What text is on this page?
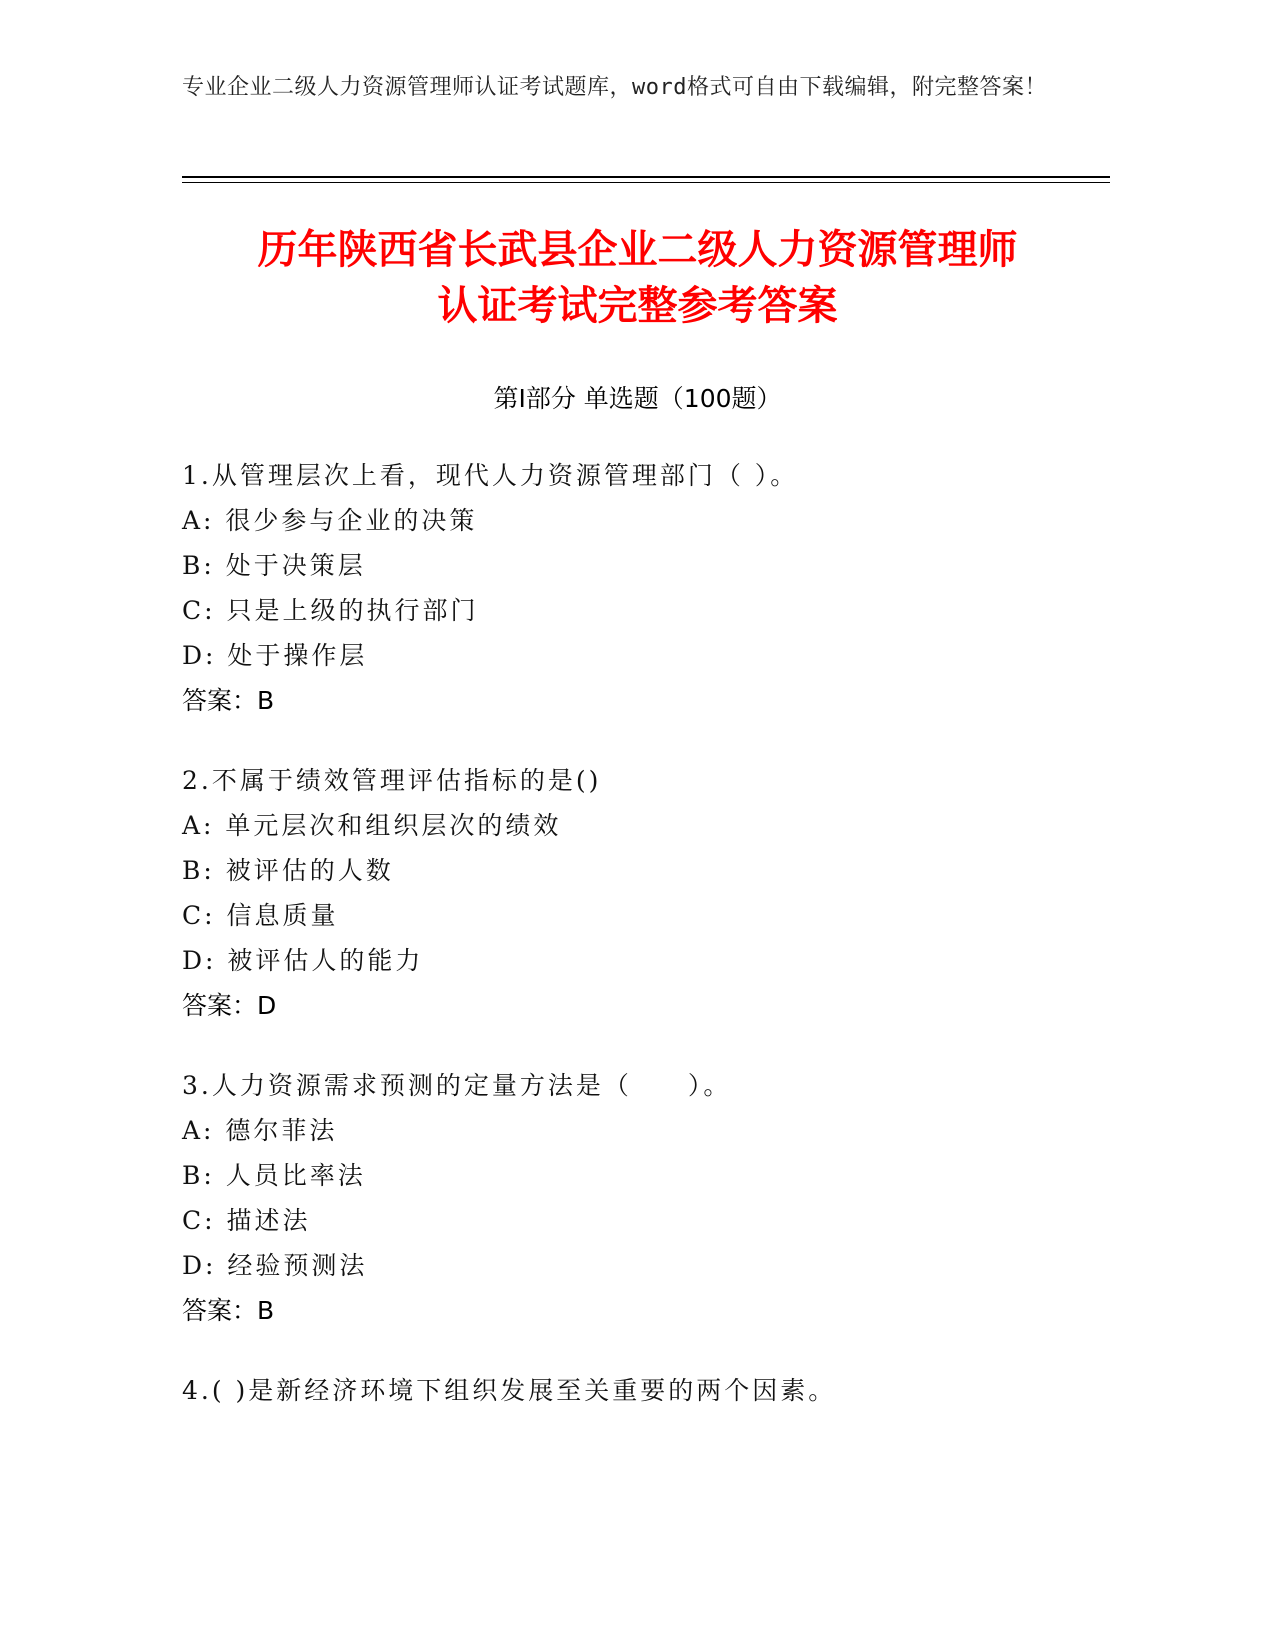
专业企业二级人力资源管理师认证考试题库，word格式可自由下载编辑，附完整答案！
历年陕西省长武县企业二级人力资源管理师
认证考试完整参考答案
第I部分 单选题（100题）
1.从管理层次上看，现代人力资源管理部门（ ）。
A: 很少参与企业的决策
B: 处于决策层
C: 只是上级的执行部门
D: 处于操作层
答案：B
2.不属于绩效管理评估指标的是()
A: 单元层次和组织层次的绩效
B: 被评估的人数
C: 信息质量
D: 被评估人的能力
答案：D
3.人力资源需求预测的定量方法是（　　）。
A: 德尔菲法
B: 人员比率法
C: 描述法
D: 经验预测法
答案：B
4.( )是新经济环境下组织发展至关重要的两个因素。
